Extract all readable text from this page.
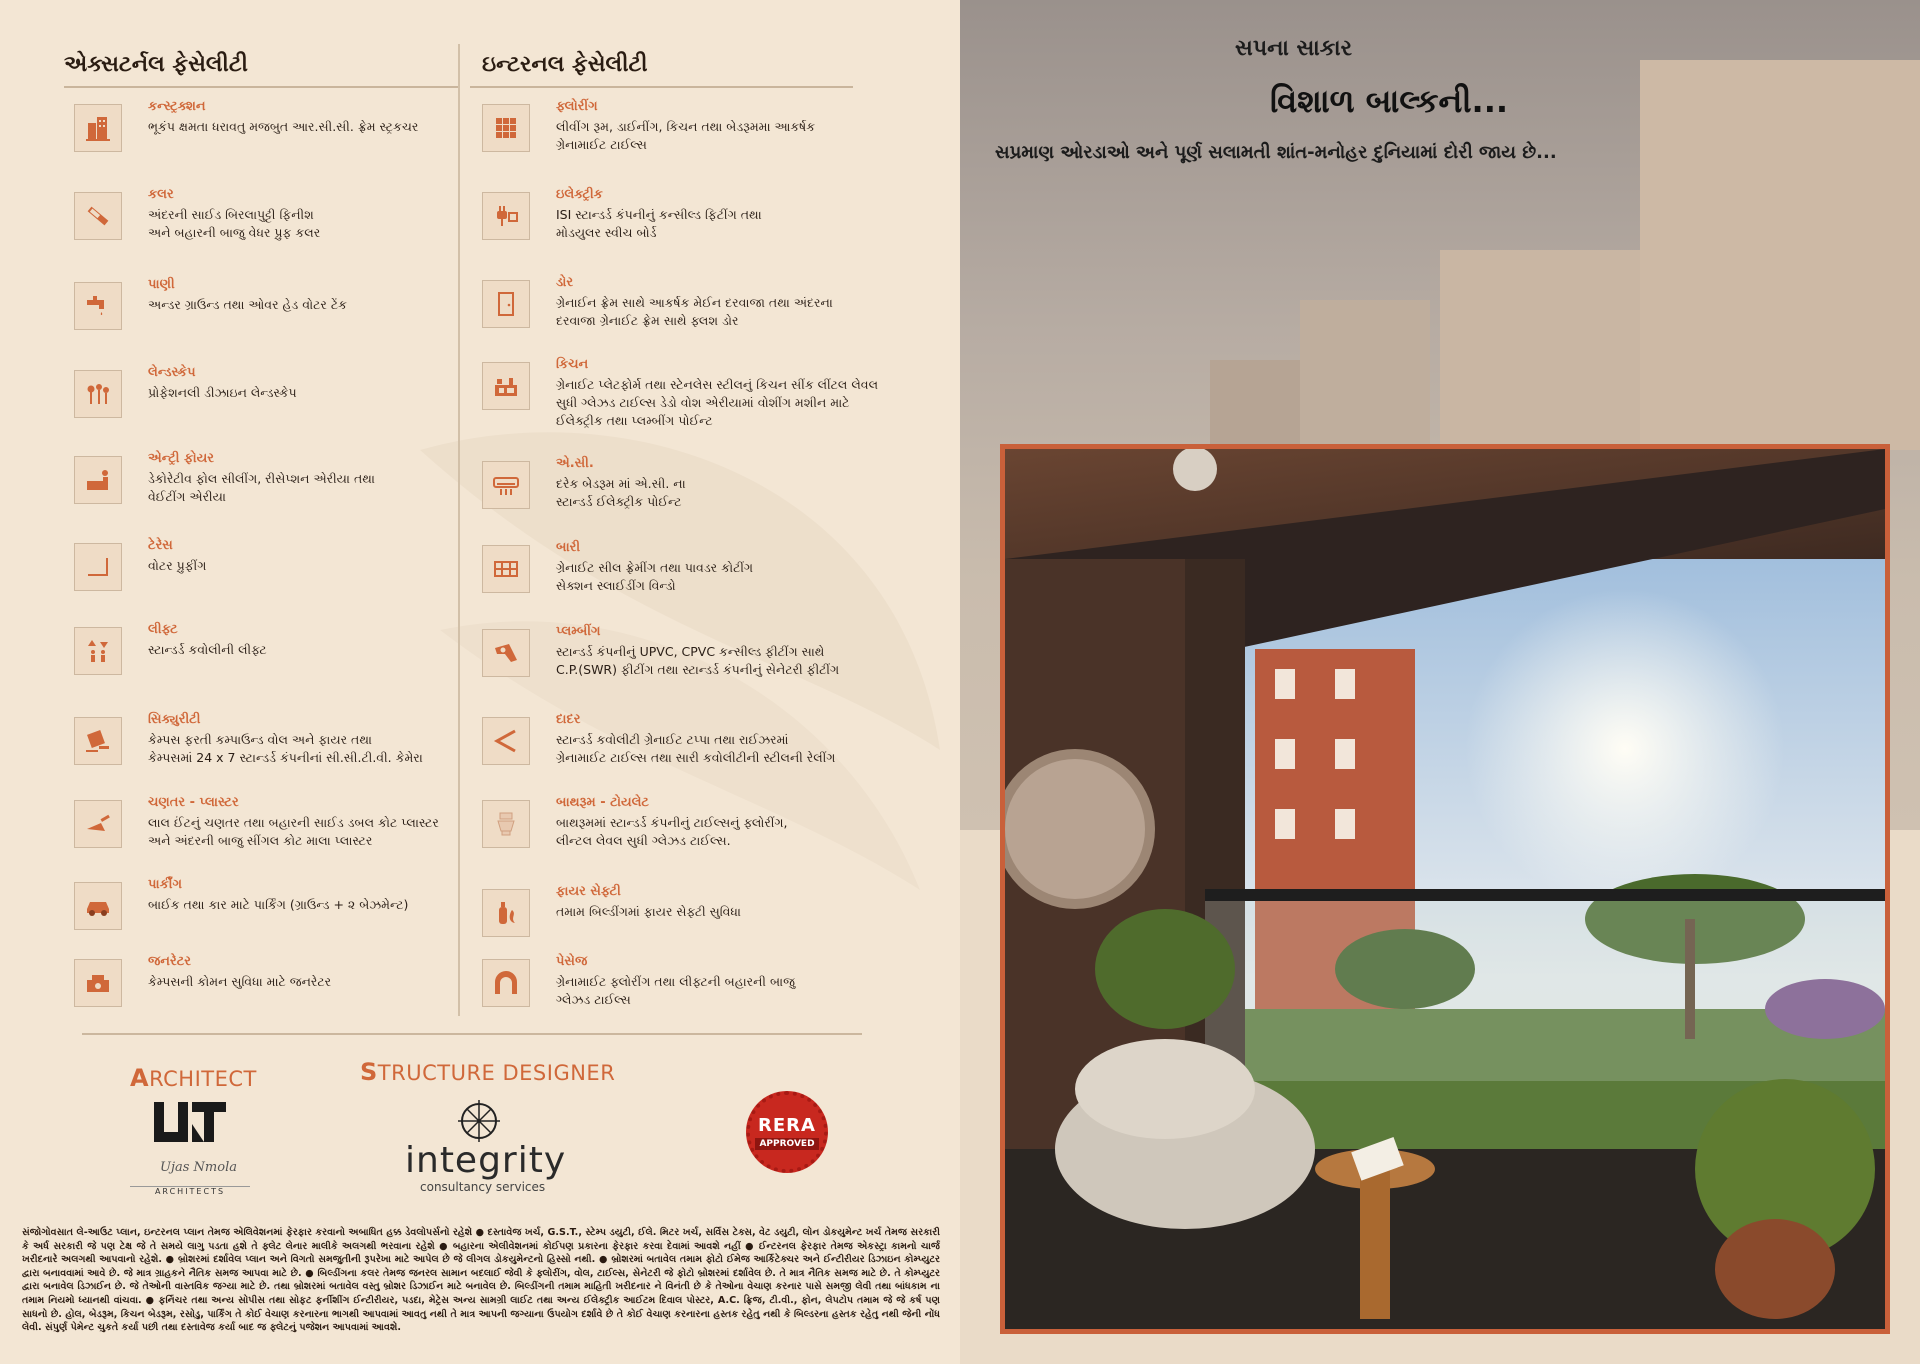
એક્સટર્નલ ફેસેલીટી	ઇન્ટરનલ ફેસેલીટી
કન્સ્ટ્રક્શન
ભૂકંપ ક્ષમતા ધરાવતુ મજબુત આર.સી.સી. ફ્રેમ સ્ટ્રકચર
કલર
અંદરની સાઈડ બિરલાપુટ્ટી ફિનીશ
અને બહારની બાજુ વેધર પ્રુફ કલર
પાણી
અન્ડર ગ્રાઉન્ડ તથા ઓવર હેડ વોટર ટેંક
લેન્ડસ્કેપ
પ્રોફેશનલી ડીઝાઇન લેન્ડસ્કેપ
એન્ટ્રી ફોયર
ડેકોરેટીવ ફોલ સીલીંગ, રીસેપ્શન એરીયા તથા
વેઈટીંગ એરીયા
ટેરેસ
વોટર પ્રુફીંગ
લીફ્ટ
સ્ટાન્ડર્ડ કવોલીની લીફ્ટ
સિક્યુરીટી
કેમ્પસ ફરતી કમ્પાઉન્ડ વોલ અને ફાયર તથા
કેમ્પસમાં 24 x 7 સ્ટાન્ડર્ડ કંપનીનાં સી.સી.ટી.વી. કેમેરા
ચણતર - પ્લાસ્ટર
લાલ ઈંટનું ચણતર તથા બહારની સાઈડ ડબલ કોટ પ્લાસ્ટર
અને અંદરની બાજુ સીંગલ કોટ માલા પ્લાસ્ટર
પાર્કીંગ
બાઈક તથા કાર માટે પાર્કિંગ (ગ્રાઉન્ડ + ૨ બેઝમેન્ટ)
જનરેટર
કેમ્પસની કોમન સુવિધા માટે જનરેટર
ફ્લોરીંગ
લીવીંગ રૂમ, ડાઈનીંગ, કિચન તથા બેડરૂમમા આકર્ષક
ગ્રેનામાઈટ ટાઈલ્સ
ઇલેક્ટ્રીક
ISI સ્ટાન્ડર્ડ કંપનીનું કન્સીલ્ડ ફિટીંગ તથા
મોડયુલર સ્વીચ બોર્ડ
ડોર
ગ્રેનાઈન ફ્રેમ સાથે આકર્ષક મેઈન દરવાજા તથા અંદરના
દરવાજા ગ્રેનાઈટ ફ્રેમ સાથે ફ્લશ ડોર
કિચન
ગ્રેનાઈટ પ્લેટફોર્મ તથા સ્ટેનલેસ સ્ટીલનું કિચન સીંક લીંટલ લેવલ
સુધી ગ્લેઝડ ટાઈલ્સ ડેડો વોશ એરીયામાં વોશીંગ મશીન માટે
ઈલેક્ટ્રીક તથા પ્લમ્બીંગ પોઈન્ટ
એ.સી.
દરેક બેડરૂમ માં એ.સી. ના
સ્ટાન્ડર્ડ ઈલેક્ટ્રીક પોઈન્ટ
બારી
ગ્રેનાઈટ સીલ ફ્રેમીંગ તથા પાવડર કોટીંગ
સેક્શન સ્લાઈડીંગ વિન્ડો
પ્લમ્બીંગ
સ્ટાન્ડર્ડ કંપનીનું UPVC, CPVC કન્સીલ્ડ ફીટીંગ સાથે
C.P.(SWR) ફીટીંગ તથા સ્ટાન્ડર્ડ કંપનીનું સેનેટરી ફીટીંગ
દાદર
સ્ટાન્ડર્ડ કવોલીટી ગ્રેનાઈટ ટપ્પા તથા રાઈઝરમાં
ગ્રેનામાઈટ ટાઈલ્સ તથા સારી કવોલીટીની સ્ટીલની રેલીંગ
બાથરૂમ - ટોયલેટ
બાથરૂમમાં સ્ટાન્ડર્ડ કંપનીનું ટાઈલ્સનું ફ્લોરીંગ,
લીન્ટલ લેવલ સુધી ગ્લેઝડ ટાઈલ્સ.
ફાયર સેફ્ટી
તમામ બિલ્ડીંગમાં ફાયર સેફ્ટી સુવિધા
પેસેજ
ગ્રેનામાઈટ ફ્લોરીંગ તથા લીફ્ટની બહારની બાજુ
ગ્લેઝડ ટાઈલ્સ
ARCHITECT
Ujas Nmola
ARCHITECTS
STRUCTURE DESIGNER
integrity
consultancy services
RERA
APPROVED
સંજોગોવસાત લે-આઉટ પ્લાન, ઇન્ટરનલ પ્લાન તેમજ એલિવેશનમાં ફેરફાર કરવાનો અબાધિત હક્ક ડેવલોપર્સનો રહેશે ● દસ્તાવેજ ખર્ચ, G.S.T., સ્ટેમ્પ ડયુટી, ઈલે. મિટર ખર્ચ, સર્વિસ ટેક્સ, વેટ ડયુટી, લોન ડોકયુમેન્ટ ખર્ચ તેમજ સરકારી કે અર્ધ સરકારી જે પણ ટેક્ષ જે તે સમયે લાગુ પડતા હશે તે ફ્લેટ લેનાર માલીકે અલગથી ભરવાના રહેશે ● બહારના એલીવેશનમાં કોઈપણ પ્રકારના ફેરફાર કરવા દેવામાં આવશે નહીં ● ઈન્ટરનલ ફેરફાર તેમજ એકસ્ટ્રા કામનો ચાર્જ ખરીદનારે અલગથી આપવાનો રહેશે. ● બ્રોશરમાં દર્શાવેલ પ્લાન અને વિગતો સમજુતીની રૂપરેખા માટે આપેલ છે જે લીગલ ડોકયુમેન્ટનો હિસ્સો નથી. ● બ્રોશરમાં બતાવેલ તમામ ફોટો ઈમેજ આર્કિટેક્ચર અને ઈન્ટીરીયર ડિઝાઇન કોમ્પ્યુટર દ્વારા બનાવવામાં આવે છે. જે માત્ર ગ્રાહકને નૈતિક સમજ આપવા માટે છે. ● બિલ્ડીંગના કલર તેમજ જનરલ સામાન બદલાઈ જેવી કે ફ્લોરીંગ, વોલ, ટાઈલ્સ, સેનેટરી જે ફોટો બ્રોશરમાં દર્શાવેલ છે. તે માત્ર નૈતિક સમજ માટે છે. તે કોમ્પ્યુટર દ્વારા બનાવેલ ડિઝાઈન છે. જે તેઓની વાસ્તવિક જગ્યા માટે છે. તથા બ્રોશરમાં બતાવેલ વસ્તુ બ્રોશર ડિઝાઈન માટે બનાવેલ છે. બિલ્ડીંગની તમામ માહિતી ખરીદનાર ને વિનંતી છે કે તેઓના વેચાણ કરનાર પાસે સમજી લેવી તથા બાંધકામ ના તમામ નિયમો ધ્યાનથી વાંચવા. ● ફર્નિચર તથા અન્ય સોપીસ તથા સોફટ ફર્નીશીંગ ઈન્ટીરીયર, પડદા, મેટ્રેસ અન્ય સામગ્રી લાઈટ તથા અન્ય ઈલેક્ટ્રીક આઈટમ દિવાલ પોસ્ટર, A.C. ફ્રિજ, ટી.વી., ફોન, લેપટોપ તમામ જે જે કર્ષ પણ સાધનો છે. હોલ, બેડરૂમ, કિચન બેડરૂમ, રસોડુ, પાર્કિંગ તે કોઈ વેચાણ કરનારના ભાગથી આપવામાં આવતુ નથી તે માત્ર આપની જગ્યાના ઉપયોગ દર્શાવે છે તે કોઈ વેચાણ કરનારના હસ્તક રહેતુ નથી કે બિલ્ડરના હસ્તક રહેતુ નથી જેની નોંધ લેવી. સંપુર્ણ પેમેન્ટ ચુકતે કર્યા પછી તથા દસ્તાવેજ કર્યા બાદ જ ફ્લેટનું પજેશન આપવામાં આવશે.
સપના સાકાર
વિશાળ બાલ્કની...
સપ્રમાણ ઓરડાઓ અને પૂર્ણ સલામતી શાંત-મનોહર દુનિયામાં દોરી જાય છે...
